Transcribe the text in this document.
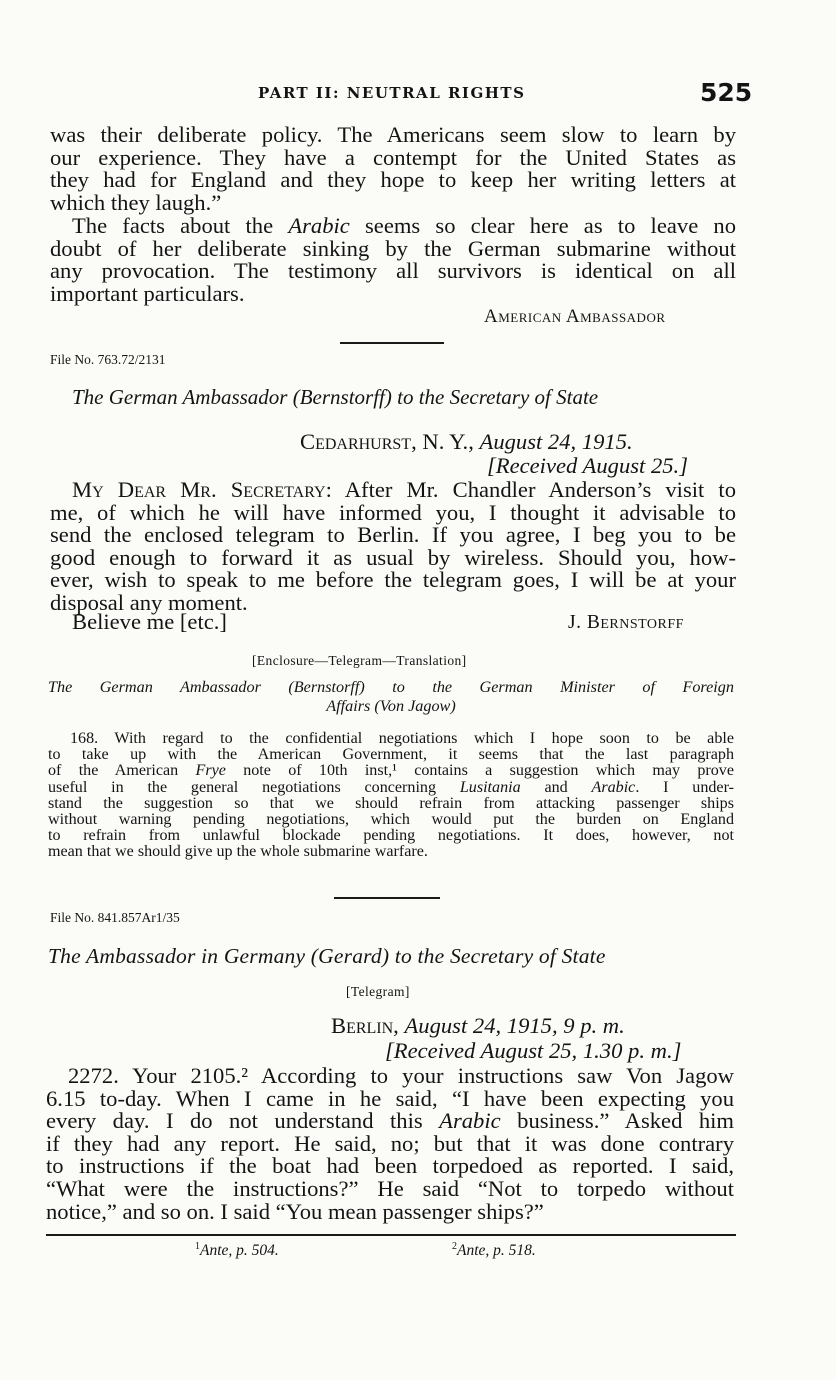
PART II: NEUTRAL RIGHTS	525
was their deliberate policy. The Americans seem slow to learn by
our experience. They have a contempt for the United States as
they had for England and they hope to keep her writing letters at
which they laugh.”
The facts about the Arabic seems so clear here as to leave no
doubt of her deliberate sinking by the German submarine without
any provocation. The testimony all survivors is identical on all
important particulars.
American Ambassador
File No. 763.72/2131
The German Ambassador (Bernstorff) to the Secretary of State
Cedarhurst, N. Y., August 24, 1915.
[Received August 25.]
My Dear Mr. Secretary: After Mr. Chandler Anderson’s visit to
me, of which he will have informed you, I thought it advisable to
send the enclosed telegram to Berlin. If you agree, I beg you to be
good enough to forward it as usual by wireless. Should you, how-
ever, wish to speak to me before the telegram goes, I will be at your
disposal any moment.
Believe me [etc.]	J. Bernstorff
[Enclosure—Telegram—Translation]
The German Ambassador (Bernstorff) to the German Minister of Foreign
Affairs (Von Jagow)
168. With regard to the confidential negotiations which I hope soon to be able
to take up with the American Government, it seems that the last paragraph
of the American Frye note of 10th inst,¹ contains a suggestion which may prove
useful in the general negotiations concerning Lusitania and Arabic. I under-
stand the suggestion so that we should refrain from attacking passenger ships
without warning pending negotiations, which would put the burden on England
to refrain from unlawful blockade pending negotiations. It does, however, not
mean that we should give up the whole submarine warfare.
File No. 841.857Ar1/35
The Ambassador in Germany (Gerard) to the Secretary of State
[Telegram]
Berlin, August 24, 1915, 9 p. m.
[Received August 25, 1.30 p. m.]
2272. Your 2105.² According to your instructions saw Von Jagow
6.15 to-day. When I came in he said, “I have been expecting you
every day. I do not understand this Arabic business.” Asked him
if they had any report. He said, no; but that it was done contrary
to instructions if the boat had been torpedoed as reported. I said,
“What were the instructions?” He said “Not to torpedo without
notice,” and so on. I said “You mean passenger ships?”
$^1$Ante, p. 504.	$^2$Ante, p. 518.
